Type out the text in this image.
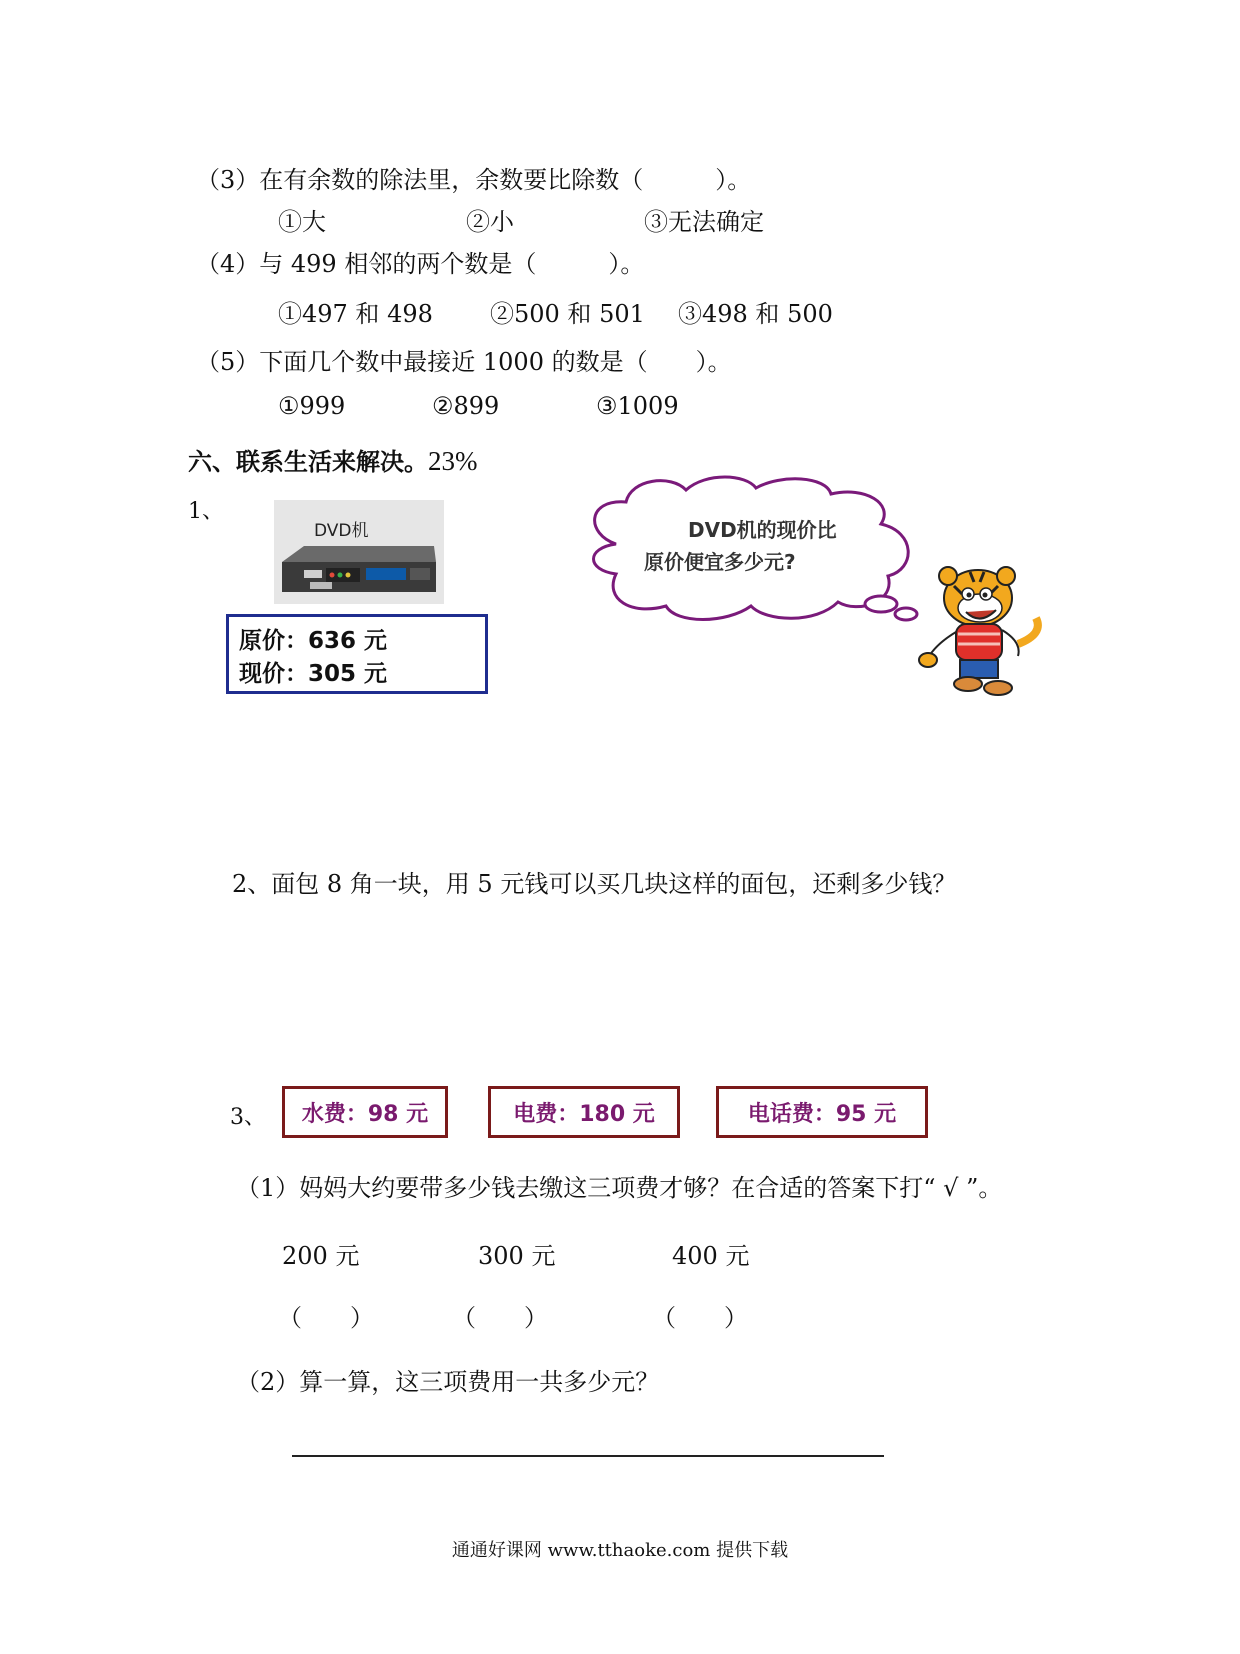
（3）在有余数的除法里，余数要比除数（　　　）。
①大	②小	③无法确定
（4）与 499 相邻的两个数是（　　　）。
①497 和 498 ②500 和 501 ③498 和 500
（5）下面几个数中最接近 1000 的数是（　　）。
①999	②899	③1009
六、联系生活来解决。23%
1、
DVD机
原价：636 元
现价：305 元
DVD机的现价比
原价便宜多少元?
2、面包 8 角一块，用 5 元钱可以买几块这样的面包，还剩多少钱？
3、	水费：98 元	电费：180 元	电话费：95 元
（1）妈妈大约要带多少钱去缴这三项费才够？在合适的答案下打“ √ ”。
200 元	300 元	400 元
（　　）	（　　）	（　　）
（2）算一算，这三项费用一共多少元？
通通好课网 www.tthaoke.com 提供下载
